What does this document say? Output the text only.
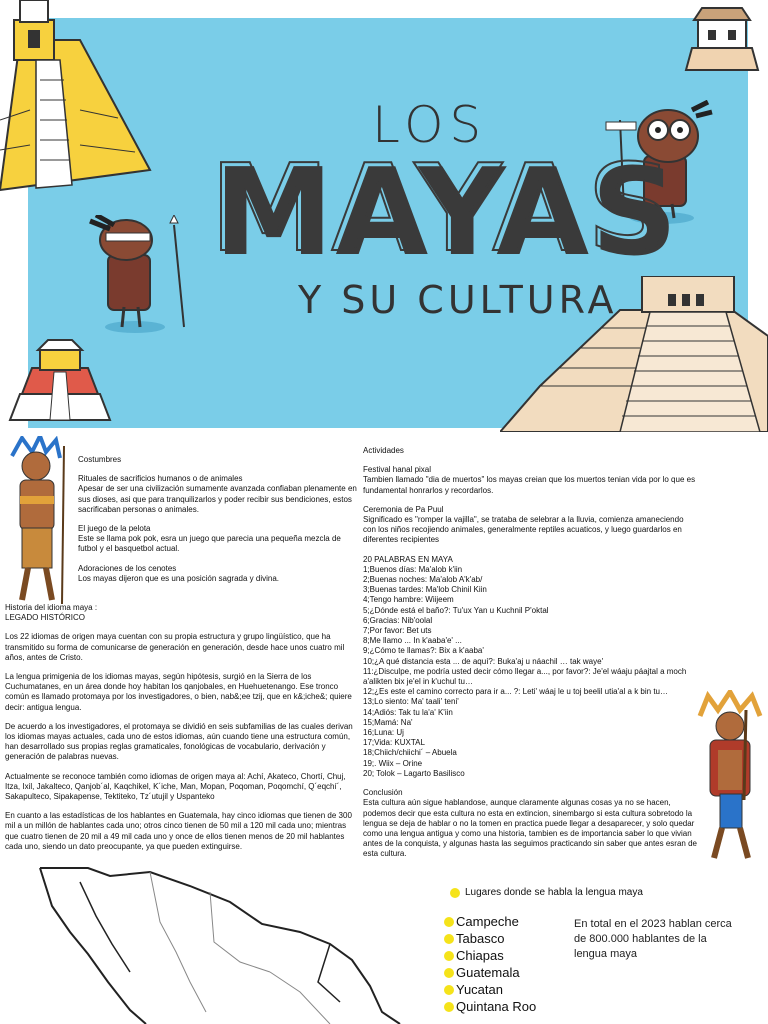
LOS
MAYAS
Y SU CULTURA

Costumbres

Rituales de sacrificios humanos o de animales
Apesar de ser una civilización sumamente avanzada confiaban plenamente en sus dioses, asi que para tranquilizarlos y poder recibir sus bendiciones, estos sacrificaban personas o animales.

El juego de la pelota
Este se llama pok pok, esra un juego que parecia una pequeña mezcla de futbol y el basquetbol actual.

Adoraciones de los cenotes
Los mayas dijeron que es una posición sagrada y divina.

Historia del idioma maya :
LEGADO HISTÓRICO

Los 22 idiomas de origen maya cuentan con su propia estructura y grupo lingüístico, que ha transmitido su forma de comunicarse de generación en generación, desde hace unos cuatro mil años, antes de Cristo.

La lengua primigenia de los idiomas mayas, según hipótesis, surgió en la Sierra de los Cuchumatanes, en un área donde hoy habitan los qanjobales, en Huehuetenango. Ese tronco común es llamado protomaya por los investigadores, o bien, nab&;ee tzij, que en k&;iche&; quiere decir: antigua lengua.

De acuerdo a los investigadores, el protomaya se dividió en seis subfamilias de las cuales derivan los idiomas mayas actuales, cada uno de estos idiomas, aún cuando tiene una estructura común, han desarrollado sus propias reglas gramaticales, fonológicas de vocabulario, derivación y generación de palabras nuevas.

Actualmente se reconoce también como idiomas de origen maya al: Achí, Akateco, Chortí, Chuj, Itza, Ixil, Jakalteco, Qanjob´al, Kaqchikel, K´iche, Man, Mopan, Poqoman, Poqomchí, Q´eqchí´, Sakapulteco, Sipakapense, Tektiteko, Tz´utujil y Uspanteko

En cuanto a las estadísticas de los hablantes en Guatemala, hay cinco idiomas que tienen de 300 mil a un millón de hablantes cada uno; otros cinco tienen de 50 mil a 120 mil cada uno; mientras que cuatro tienen de 20 mil a 49 mil cada uno y once de ellos tienen menos de 20 mil hablantes cada uno, siendo un dato preocupante, ya que pueden extinguirse.

Actividades

Festival hanal pixal
Tambien llamado "dia de muertos" los mayas creian que los muertos tenian vida por lo que es fundamental honrarlos y recordarlos.

Ceremonia de Pa Puul
Significado es "romper la vajilla", se trataba de selebrar a la lluvia, comienza amaneciendo con los niños recojiendo animales, generalmente reptiles acuaticos, y luego guardarlos en diferentes recipientes

20 PALABRAS EN MAYA
1;Buenos días: Ma'alob k'iin
2;Buenas noches: Ma'alob A'k'ab/
3;Buenas tardes: Ma'lob Chinil Kiin
4;Tengo hambre: Wiijeem
5;¿Dónde está el baño?: Tu'ux Yan u Kuchnil P'oktal
6;Gracias: Nib'oolal
7;Por favor: Bet uts
8;Me llamo ... In k'aaba'e' ...
9;¿Cómo te llamas?: Bix a k'aaba'
10;¿A qué distancia esta ... de aquí?: Buka'aj u náachil … tak waye'
11:¿Disculpe, me podría usted decir cómo llegar a..., por favor?: Je'el wáaju páajtal a moch a'alikten bix je'el in k'uchul tu…
12;¿Es este el camino correcto para ir a... ?: Leti' wáaj le u toj beelil utia'al a k bin tu…
13;Lo siento: Ma' taali' teni'
14;Adiós: Tak tu la'a' K'iin
15;Mamá: Na'
16;Luna: Uj
17;Vida: KUXTAL
18;Chiich/chiichi´ – Abuela
19;. Wiix – Orine
20; Tolok – Lagarto Basilisco

Conclusión
Esta cultura aún sigue hablandose, aunque claramente algunas cosas ya no se hacen, podemos decir que esta cultura no esta en extincion, sinembargo si esta cultura sobretodo la lengua se deja de hablar o no la tomen en practica puede llegar a desaparecer, y solo quedar como una lengua antigua y como una historia, tambien es de importancia saber lo que vivian antes de la conquista, y algunas hasta las seguimos practicando sin saber que antes esran de esta cultura.

Lugares donde se habla la lengua maya
Campeche
Tabasco
Chiapas
Guatemala
Yucatan
Quintana Roo
En total en el 2023 hablan cerca de 800.000 hablantes de la lengua maya
